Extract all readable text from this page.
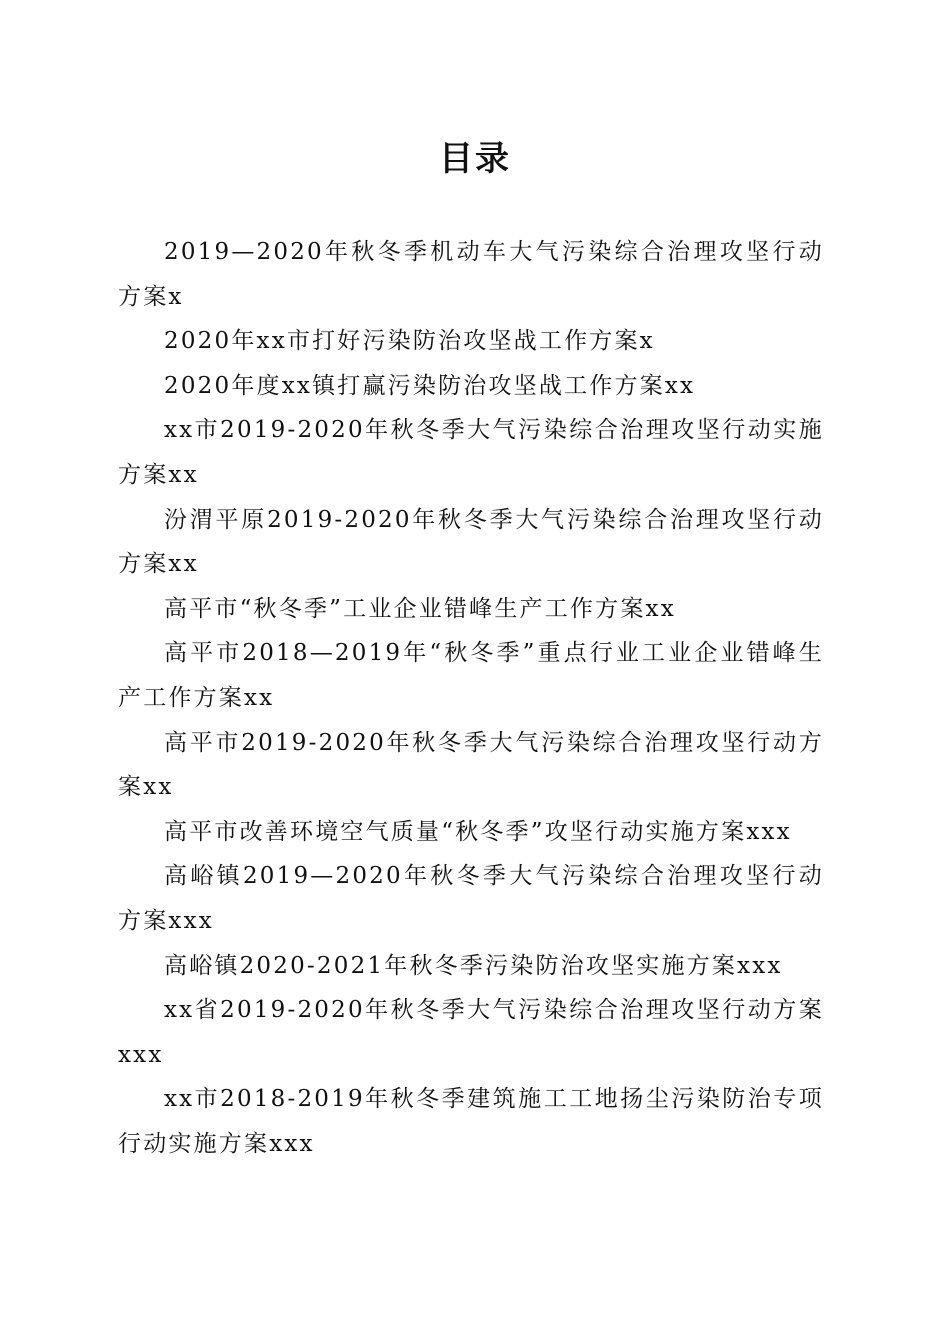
目录
2019—2020年秋冬季机动车大气污染综合治理攻坚行动方案x
2020年xx市打好污染防治攻坚战工作方案x
2020年度xx镇打赢污染防治攻坚战工作方案xx
xx市2019-2020年秋冬季大气污染综合治理攻坚行动实施方案xx
汾渭平原2019-2020年秋冬季大气污染综合治理攻坚行动方案xx
高平市“秋冬季”工业企业错峰生产工作方案xx
高平市2018—2019年“秋冬季”重点行业工业企业错峰生产工作方案xx
高平市2019-2020年秋冬季大气污染综合治理攻坚行动方案xx
高平市改善环境空气质量“秋冬季”攻坚行动实施方案xxx
高峪镇2019—2020年秋冬季大气污染综合治理攻坚行动方案xxx
高峪镇2020-2021年秋冬季污染防治攻坚实施方案xxx
xx省2019-2020年秋冬季大气污染综合治理攻坚行动方案xxx
xx市2018-2019年秋冬季建筑施工工地扬尘污染防治专项行动实施方案xxx
